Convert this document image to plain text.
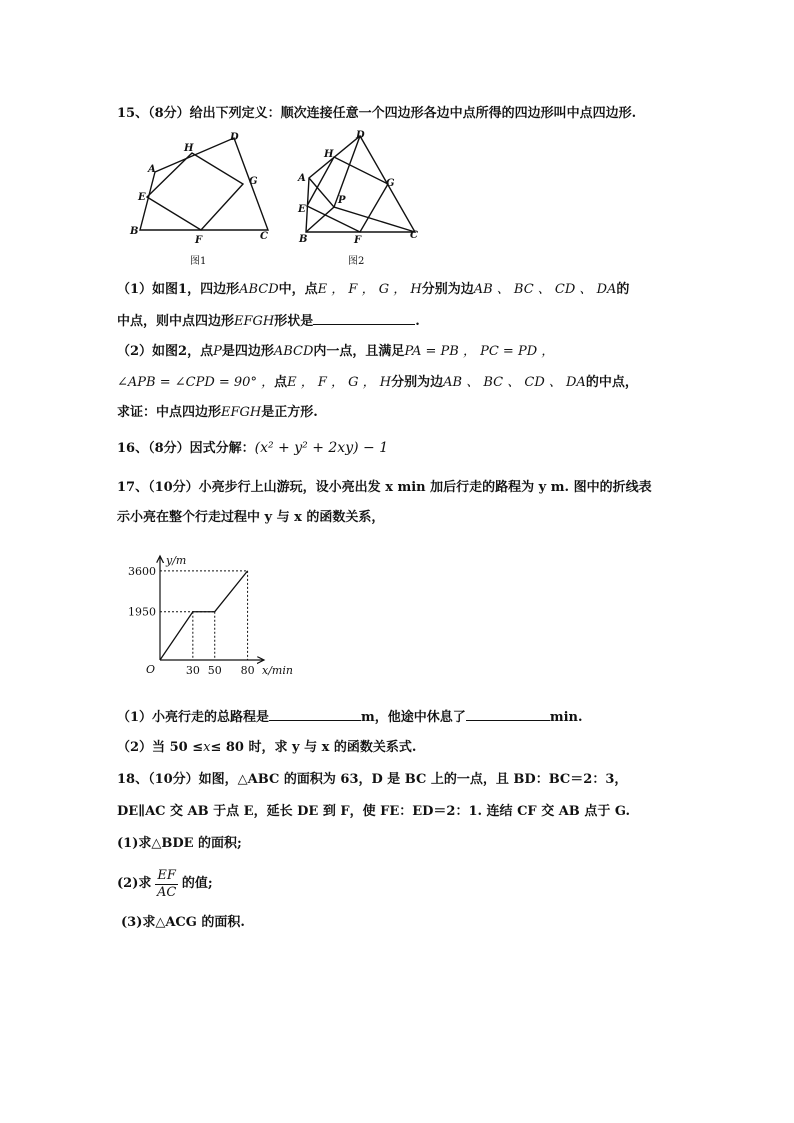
15、（8分）给出下列定义：顺次连接任意一个四边形各边中点所得的四边形叫中点四边形.
A
B	C
D
E
F
G
H
图1
A
B	C
D
E
F
G
H
P
图2
（1）如图1，四边形ABCD中，点E ， F ， G ， H分别为边AB 、 BC 、 CD 、 DA的
中点，则中点四边形EFGH形状是	.
（2）如图2，点P是四边形ABCD内一点，且满足PA = PB ， PC = PD ，
∠APB = ∠CPD = 90° ，点E ， F ， G ， H分别为边AB 、 BC 、 CD 、 DA的中点，
求证：中点四边形EFGH是正方形.
16、（8分）因式分解：(x² + y² + 2xy) − 1
17、（10分）小亮步行上山游玩，设小亮出发 x min 加后行走的路程为 y m. 图中的折线表
示小亮在整个行走过程中 y 与 x 的函数关系，
30 50 80
1950
3600
O
y/m
x/min
（1）小亮行走的总路程是	m，他途中休息了	min.
（2）当 50 ≤x≤ 80 时，求 y 与 x 的函数关系式.
18、（10分）如图，△ABC 的面积为 63，D 是 BC 上的一点，且 BD：BC＝2：3，
DE∥AC 交 AB 于点 E，延长 DE 到 F，使 FE：ED＝2：1. 连结 CF 交 AB 点于 G.
(1)求△BDE 的面积;
(2)求 $\frac{EF}{AC}$ 的值;
(3)求△ACG 的面积.
